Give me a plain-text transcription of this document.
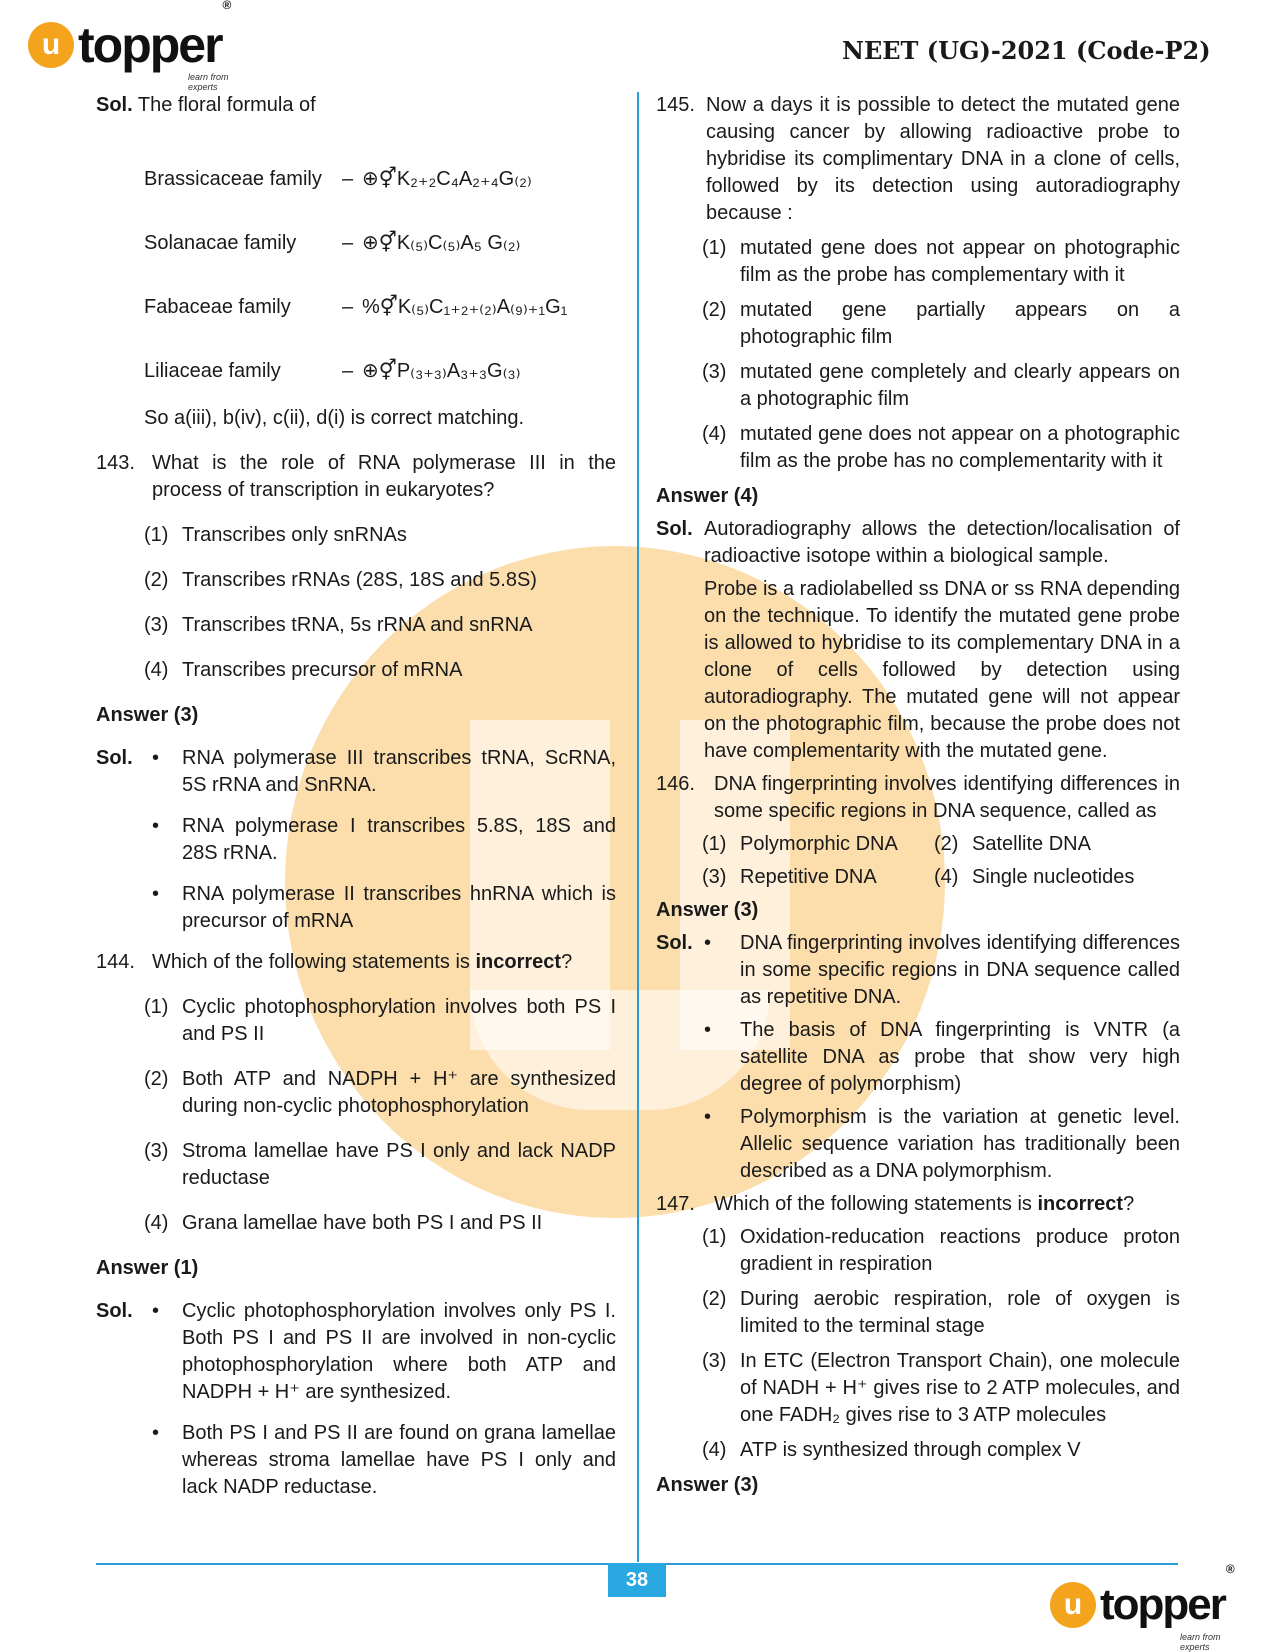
u topper®
learn from experts
NEET (UG)-2021 (Code-P2)
Sol. The floral formula of
Brassicaceae family	– ⊕⚥K₂₊₂C₄A₂₊₄G₍₂₎
Solanacae family	– ⊕⚥K₍₅₎C₍₅₎A₅ G₍₂₎
Fabaceae family	– %⚥K₍₅₎C₁₊₂₊₍₂₎A₍₉₎₊₁G₁
Liliaceae family	– ⊕⚥P₍₃₊₃₎A₃₊₃G₍₃₎
So a(iii), b(iv), c(ii), d(i) is correct matching.
143. What is the role of RNA polymerase III in the process of transcription in eukaryotes?
(1) Transcribes only snRNAs
(2) Transcribes rRNAs (28S, 18S and 5.8S)
(3) Transcribes tRNA, 5s rRNA and snRNA
(4) Transcribes precursor of mRNA
Answer (3)
Sol. •	RNA polymerase III transcribes tRNA, ScRNA, 5S rRNA and SnRNA.
•	RNA polymerase I transcribes 5.8S, 18S and 28S rRNA.
•	RNA polymerase II transcribes hnRNA which is precursor of mRNA
144. Which of the following statements is incorrect?
(1) Cyclic photophosphorylation involves both PS I and PS II
(2) Both ATP and NADPH + H⁺ are synthesized during non-cyclic photophosphorylation
(3) Stroma lamellae have PS I only and lack NADP reductase
(4) Grana lamellae have both PS I and PS II
Answer (1)
Sol. •	Cyclic photophosphorylation involves only PS I. Both PS I and PS II are involved in non-cyclic photophosphorylation where both ATP and NADPH + H⁺ are synthesized.
•	Both PS I and PS II are found on grana lamellae whereas stroma lamellae have PS I only and lack NADP reductase.
145. Now a days it is possible to detect the mutated gene causing cancer by allowing radioactive probe to hybridise its complimentary DNA in a clone of cells, followed by its detection using autoradiography because :
(1) mutated gene does not appear on photographic film as the probe has complementary with it
(2) mutated gene partially appears on a photographic film
(3) mutated gene completely and clearly appears on a photographic film
(4) mutated gene does not appear on a photographic film as the probe has no complementarity with it
Answer (4)
Sol. Autoradiography allows the detection/localisation of radioactive isotope within a biological sample.
Probe is a radiolabelled ss DNA or ss RNA depending on the technique. To identify the mutated gene probe is allowed to hybridise to its complementary DNA in a clone of cells followed by detection using autoradiography. The mutated gene will not appear on the photographic film, because the probe does not have complementarity with the mutated gene.
146. DNA fingerprinting involves identifying differences in some specific regions in DNA sequence, called as
(1) Polymorphic DNA (2) Satellite DNA
(3) Repetitive DNA	(4) Single nucleotides
Answer (3)
Sol. •	DNA fingerprinting involves identifying differences in some specific regions in DNA sequence called as repetitive DNA.
•	The basis of DNA fingerprinting is VNTR (a satellite DNA as probe that show very high degree of polymorphism)
•	Polymorphism is the variation at genetic level. Allelic sequence variation has traditionally been described as a DNA polymorphism.
147. Which of the following statements is incorrect?
(1) Oxidation-reducation reactions produce proton gradient in respiration
(2) During aerobic respiration, role of oxygen is limited to the terminal stage
(3) In ETC (Electron Transport Chain), one molecule of NADH + H⁺ gives rise to 2 ATP molecules, and one FADH₂ gives rise to 3 ATP molecules
(4) ATP is synthesized through complex V
Answer (3)
38
u topper®
learn from experts
